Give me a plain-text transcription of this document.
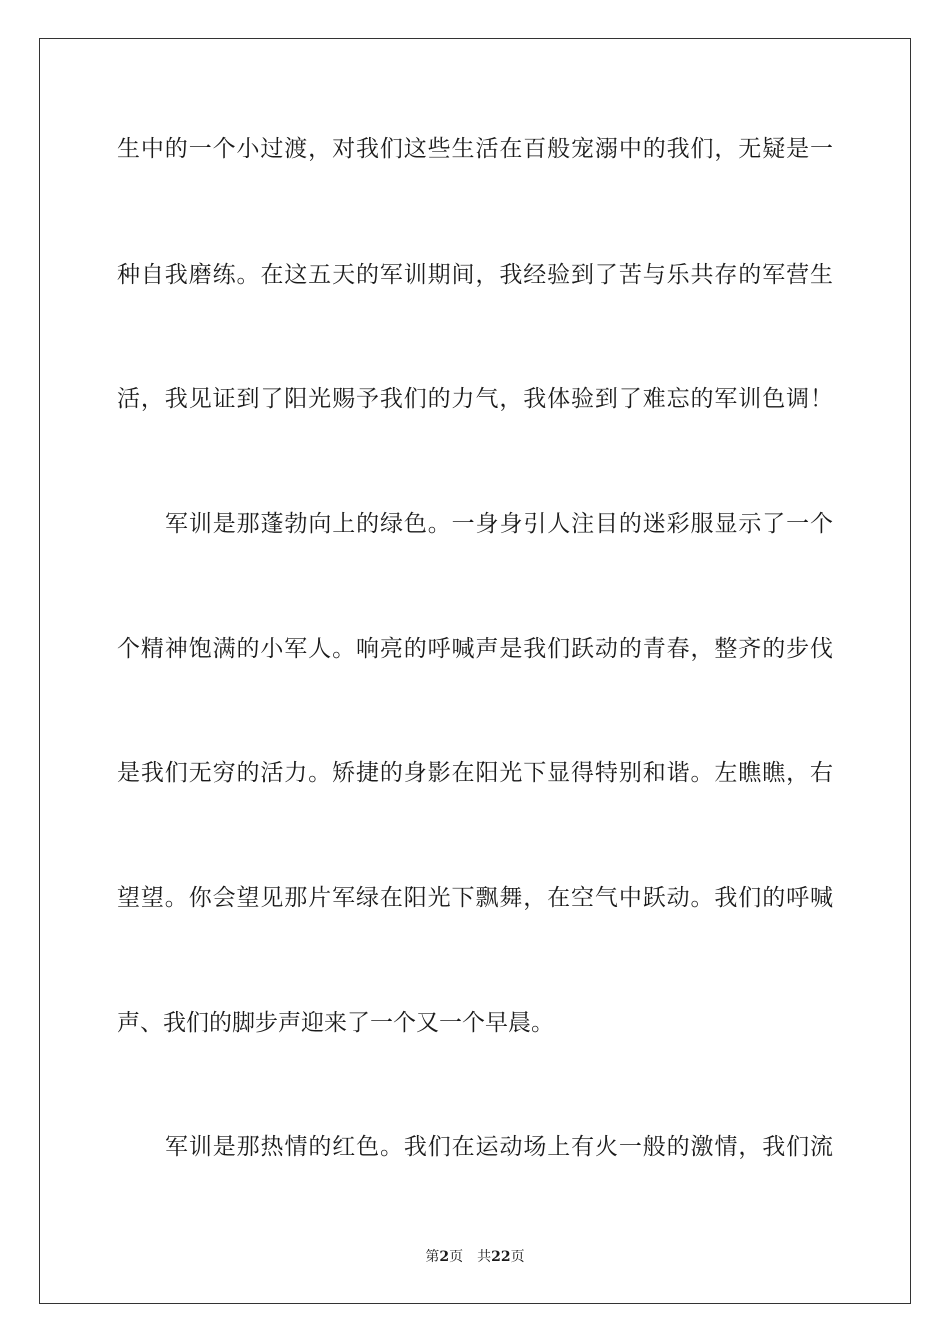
生中的一个小过渡，对我们这些生活在百般宠溺中的我们，无疑是一
种自我磨练。在这五天的军训期间，我经验到了苦与乐共存的军营生
活，我见证到了阳光赐予我们的力气，我体验到了难忘的军训色调！
军训是那蓬勃向上的绿色。一身身引人注目的迷彩服显示了一个
个精神饱满的小军人。响亮的呼喊声是我们跃动的青春，整齐的步伐
是我们无穷的活力。矫捷的身影在阳光下显得特别和谐。左瞧瞧，右
望望。你会望见那片军绿在阳光下飘舞，在空气中跃动。我们的呼喊
声、我们的脚步声迎来了一个又一个早晨。
军训是那热情的红色。我们在运动场上有火一般的激情，我们流
第2页 共22页
